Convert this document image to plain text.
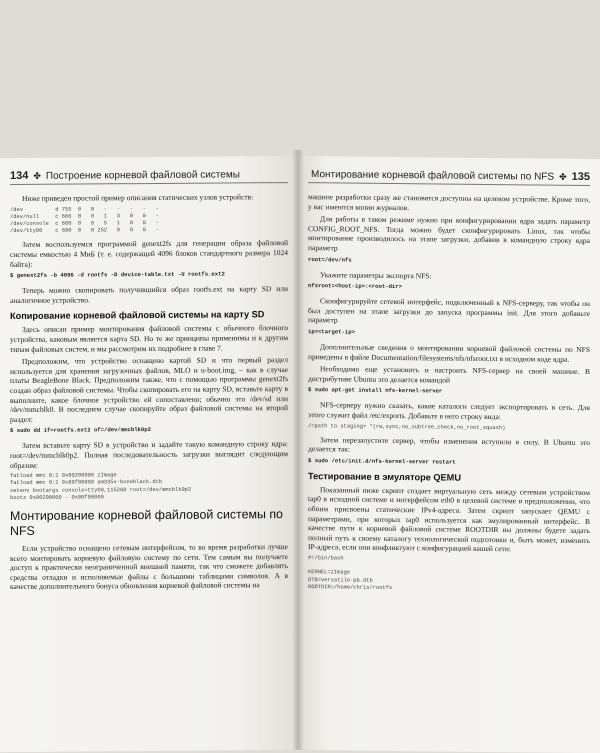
134 ✤ Построение корневой файловой системы

Ниже приведен простой пример описания статических узлов устройств:

/dev          d 755  0   0   -   -   -   -   -
/dev/null     c 666  0   0   1   3   0   0   -
/dev/console  c 600  0   0   5   1   0   0   -
/dev/ttyO0    c 600  0   0 252   0   0   0   -

Затем воспользуемся программой genext2fs для генерации образа файловой системы емкостью 4 МиБ (т. е. содержащей 4096 блоков стандартного размера 1024 байта):

$ genext2fs -b 4096 -d rootfs -D device-table.txt -U rootfs.ext2

Теперь можно скопировать получившийся образ rootfs.ext на карту SD или аналогичное устройство.

Копирование корневой файловой системы на карту SD

Здесь описан пример монтирования файловой системы с обычного блочного устройства, каковым является карта SD. Но те же принципы применимы и к другим типам файловых систем, и мы рассмотрим их подробнее в главе 7.

Предположим, что устройство оснащено картой SD и что первый раздел используется для хранения загрузочных файлов, MLO и u-boot.img, – как в случае платы BeagleBone Black. Предположим также, что с помощью программы genext2fs создан образ файловой системы. Чтобы скопировать его на карту SD, вставьте карту в выполните, какое блочное устройство ей сопоставлено; обычно это /dev/sd или /dev/mmcblk0. В последнем случае скопируйте образ файловой системы на второй раздел:

$ sudo dd if=rootfs.ext2 of=/dev/mmcblk0p2

Затем вставьте карту SD в устройство и задайте такую командную строку ядра: root=/dev/mmcblk0p2. Полная последовательность загрузки выглядит следующим образом:

fatload mmc 0:1 0x80200000 zImage
fatload mmc 0:1 0x80f00000 am335x-boneblack.dtb
setenv bootargs console=ttyO0,115200 root=/dev/mmcblk0p2
bootz 0x80200000 - 0x80f00000
Монтирование корневой файловой системы по NFS

Если устройство оснащено сетевым интерфейсом, то во время разработки лучше всего монтировать корневую файловую систему по сети. Тем самым вы получаете доступ к практически неограниченной внешней памяти, так что сможете добавлять средства отладки и исполняемые файлы с большими таблицами символов. А в качестве дополнительного бонуса обновления корневой файловой системы на

Монтирование корневой файловой системы по NFS ✤ 135

машине разработки сразу же становятся доступны на целевом устройстве. Кроме того, у вас имеются копии журналов.

Для работы в таком режиме нужно при конфигурировании ядра задать параметр CONFIG_ROOT_NFS. Тогда можно будет сконфигурировать Linux, так чтобы монтирование производилось на этапе загрузки, добавив в командную строку ядра параметр

root=/dev/nfs

Укажите параметры экспорта NFS:

nfsroot=<host-ip>:<root-dir>

Сконфигурируйте сетевой интерфейс, подключенный к NFS-серверу, так чтобы он был доступен на этапе загрузки до запуска программы init. Для этого добавьте параметр

ip=<target-ip>

Дополнительные сведения о монтировании корневой файловой системы по NFS приведены в файле Documentation/filesystems/nfs/nfsroot.txt в исходном коде ядра.

Необходимо еще установить и настроить NFS-сервер на своей машине. В дистрибутиве Ubuntu это делается командой

$ sudo apt-get install nfs-kernel-server

NFS-серверу нужно сказать, какие каталоги следует экспортировать в сеть. Для этого служит файл /etc/exports. Добавьте в него строку вида:

/<path to staging> *(rw,sync,no_subtree_check,no_root_squash)

Затем перезапустите сервер, чтобы изменения вступили в силу. В Ubuntu это делается так:

$ sudo /etc/init.d/nfs-kernel-server restart
Тестирование в эмуляторе QEMU

Показанный ниже скрипт создает виртуальную сеть между сетевым устройством tap0 в исходной системе и интерфейсом eth0 в целевой системе в предположении, что обоим присвоены статические IPv4-адреса. Затем скрипт запускает QEMU с параметрами, при которых tap0 используется как эмулированный интерфейс. В качестве пути к корневой файловой системе ROOTDIR вы должны будете задать полный путь к своему каталогу технологической подготовки и, быть может, изменить IP-адреса, если они конфликтуют с конфигурацией вашей сети:

#!/bin/bash

KERNEL=zImage
DTB=versatile-pb.dtb
ROOTDIR=/home/chris/rootfs
